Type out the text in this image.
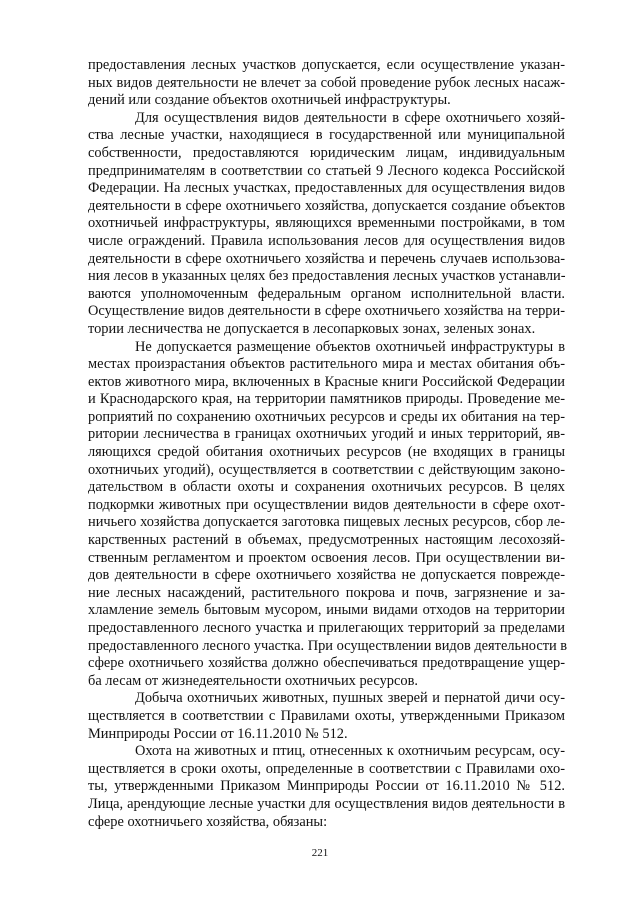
предоставления лесных участков допускается, если осуществление указан-
ных видов деятельности не влечет за собой проведение рубок лесных насаж-
дений или создание объектов охотничьей инфраструктуры.
Для осуществления видов деятельности в сфере охотничьего хозяй-
ства лесные участки, находящиеся в государственной или муниципальной
собственности, предоставляются юридическим лицам, индивидуальным
предпринимателям в соответствии со статьей 9 Лесного кодекса Российской
Федерации. На лесных участках, предоставленных для осуществления видов
деятельности в сфере охотничьего хозяйства, допускается создание объектов
охотничьей инфраструктуры, являющихся временными постройками, в том
числе ограждений. Правила использования лесов для осуществления видов
деятельности в сфере охотничьего хозяйства и перечень случаев использова-
ния лесов в указанных целях без предоставления лесных участков устанавли-
ваются уполномоченным федеральным органом исполнительной власти.
Осуществление видов деятельности в сфере охотничьего хозяйства на терри-
тории лесничества не допускается в лесопарковых зонах, зеленых зонах.
Не допускается размещение объектов охотничьей инфраструктуры в
местах произрастания объектов растительного мира и местах обитания объ-
ектов животного мира, включенных в Красные книги Российской Федерации
и Краснодарского края, на территории памятников природы. Проведение ме-
роприятий по сохранению охотничьих ресурсов и среды их обитания на тер-
ритории лесничества в границах охотничьих угодий и иных территорий, яв-
ляющихся средой обитания охотничьих ресурсов (не входящих в границы
охотничьих угодий), осуществляется в соответствии с действующим законо-
дательством в области охоты и сохранения охотничьих ресурсов. В целях
подкормки животных при осуществлении видов деятельности в сфере охот-
ничьего хозяйства допускается заготовка пищевых лесных ресурсов, сбор ле-
карственных растений в объемах, предусмотренных настоящим лесохозяй-
ственным регламентом и проектом освоения лесов. При осуществлении ви-
дов деятельности в сфере охотничьего хозяйства не допускается поврежде-
ние лесных насаждений, растительного покрова и почв, загрязнение и за-
хламление земель бытовым мусором, иными видами отходов на территории
предоставленного лесного участка и прилегающих территорий за пределами
предоставленного лесного участка. При осуществлении видов деятельности в
сфере охотничьего хозяйства должно обеспечиваться предотвращение ущер-
ба лесам от жизнедеятельности охотничьих ресурсов.
Добыча охотничьих животных, пушных зверей и пернатой дичи осу-
ществляется в соответствии с Правилами охоты, утвержденными Приказом
Минприроды России от 16.11.2010 № 512.
Охота на животных и птиц, отнесенных к охотничьим ресурсам, осу-
ществляется в сроки охоты, определенные в соответствии с Правилами охо-
ты, утвержденными Приказом Минприроды России от 16.11.2010 № 512.
Лица, арендующие лесные участки для осуществления видов деятельности в
сфере охотничьего хозяйства, обязаны:
221
